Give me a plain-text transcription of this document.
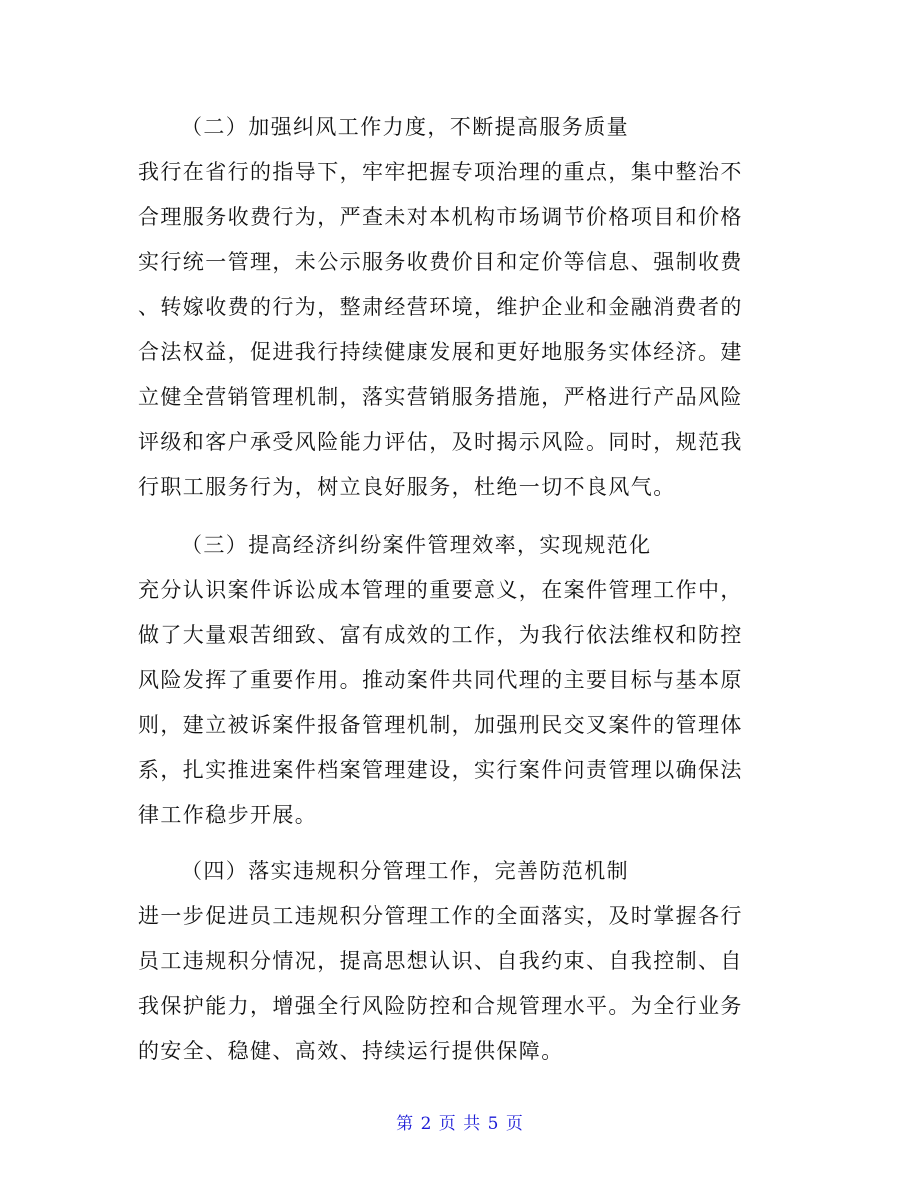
（二）加强纠风工作力度，不断提高服务质量
我行在省行的指导下，牢牢把握专项治理的重点，集中整治不
合理服务收费行为，严查未对本机构市场调节价格项目和价格
实行统一管理，未公示服务收费价目和定价等信息、强制收费
、转嫁收费的行为，整肃经营环境，维护企业和金融消费者的
合法权益，促进我行持续健康发展和更好地服务实体经济。建
立健全营销管理机制，落实营销服务措施，严格进行产品风险
评级和客户承受风险能力评估，及时揭示风险。同时，规范我
行职工服务行为，树立良好服务，杜绝一切不良风气。
（三）提高经济纠纷案件管理效率，实现规范化
充分认识案件诉讼成本管理的重要意义，在案件管理工作中，
做了大量艰苦细致、富有成效的工作，为我行依法维权和防控
风险发挥了重要作用。推动案件共同代理的主要目标与基本原
则，建立被诉案件报备管理机制，加强刑民交叉案件的管理体
系，扎实推进案件档案管理建设，实行案件问责管理以确保法
律工作稳步开展。
（四）落实违规积分管理工作，完善防范机制
进一步促进员工违规积分管理工作的全面落实，及时掌握各行
员工违规积分情况，提高思想认识、自我约束、自我控制、自
我保护能力，增强全行风险防控和合规管理水平。为全行业务
的安全、稳健、高效、持续运行提供保障。
第 2 页 共 5 页
